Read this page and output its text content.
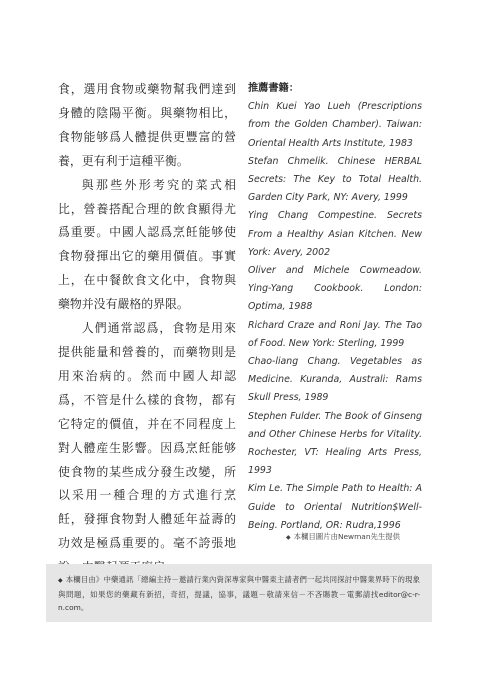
食，選用食物或藥物幫我們達到身體的陰陽平衡。與藥物相比，食物能够爲人體提供更豐富的營養，更有利于這種平衡。

與那些外形考究的菜式相比，營養搭配合理的飲食顯得尤爲重要。中國人認爲烹飪能够使食物發揮出它的藥用價值。事實上，在中餐飲食文化中，食物與藥物并没有嚴格的界限。

人們通常認爲，食物是用來提供能量和營養的，而藥物則是用來治病的。然而中國人却認爲，不管是什么樣的食物，都有它特定的價值，并在不同程度上對人體産生影響。因爲烹飪能够使食物的某些成分發生改變，所以采用一種合理的方式進行烹飪，發揮食物對人體延年益壽的功效是極爲重要的。毫不誇張地

推薦書籍：

Chin Kuei Yao Lueh (Prescriptions from the Golden Chamber). Taiwan: Oriental Health Arts Institute, 1983
Stefan Chmelik. Chinese HERBAL Secrets: The Key to Total Health. Garden City Park, NY: Avery, 1999
Ying Chang Compestine. Secrets From a Healthy Asian Kitchen. New York: Avery, 2002
Oliver and Michele Cowmeadow. Ying-Yang Cookbook. London: Optima, 1988
Richard Craze and Roni Jay. The Tao of Food. New York: Sterling, 1999
Chao-liang Chang. Vegetables as Medicine. Kuranda, Australi: Rams Skull Press, 1989
Stephen Fulder. The Book of Ginseng and Other Chinese Herbs for Vitality. Rochester, VT: Healing Arts Press, 1993
Kim Le. The Simple Path to Health: A Guide to Oriental Nutrition$Well-Being. Portland, OR: Rudra,1996
◆ 本欄目圖片由Newman先生提供
◆ 本欄目由》中藥通訊「總編主持－邀請行業內資深專家與中醫東主請者們一起共同探討中醫業界時下的現象與問題，如果您的藥藏有新招，奇招，提議，協事，議題－敬請來信－不吝賜教－電郵請找editor@c-r-n.com。
